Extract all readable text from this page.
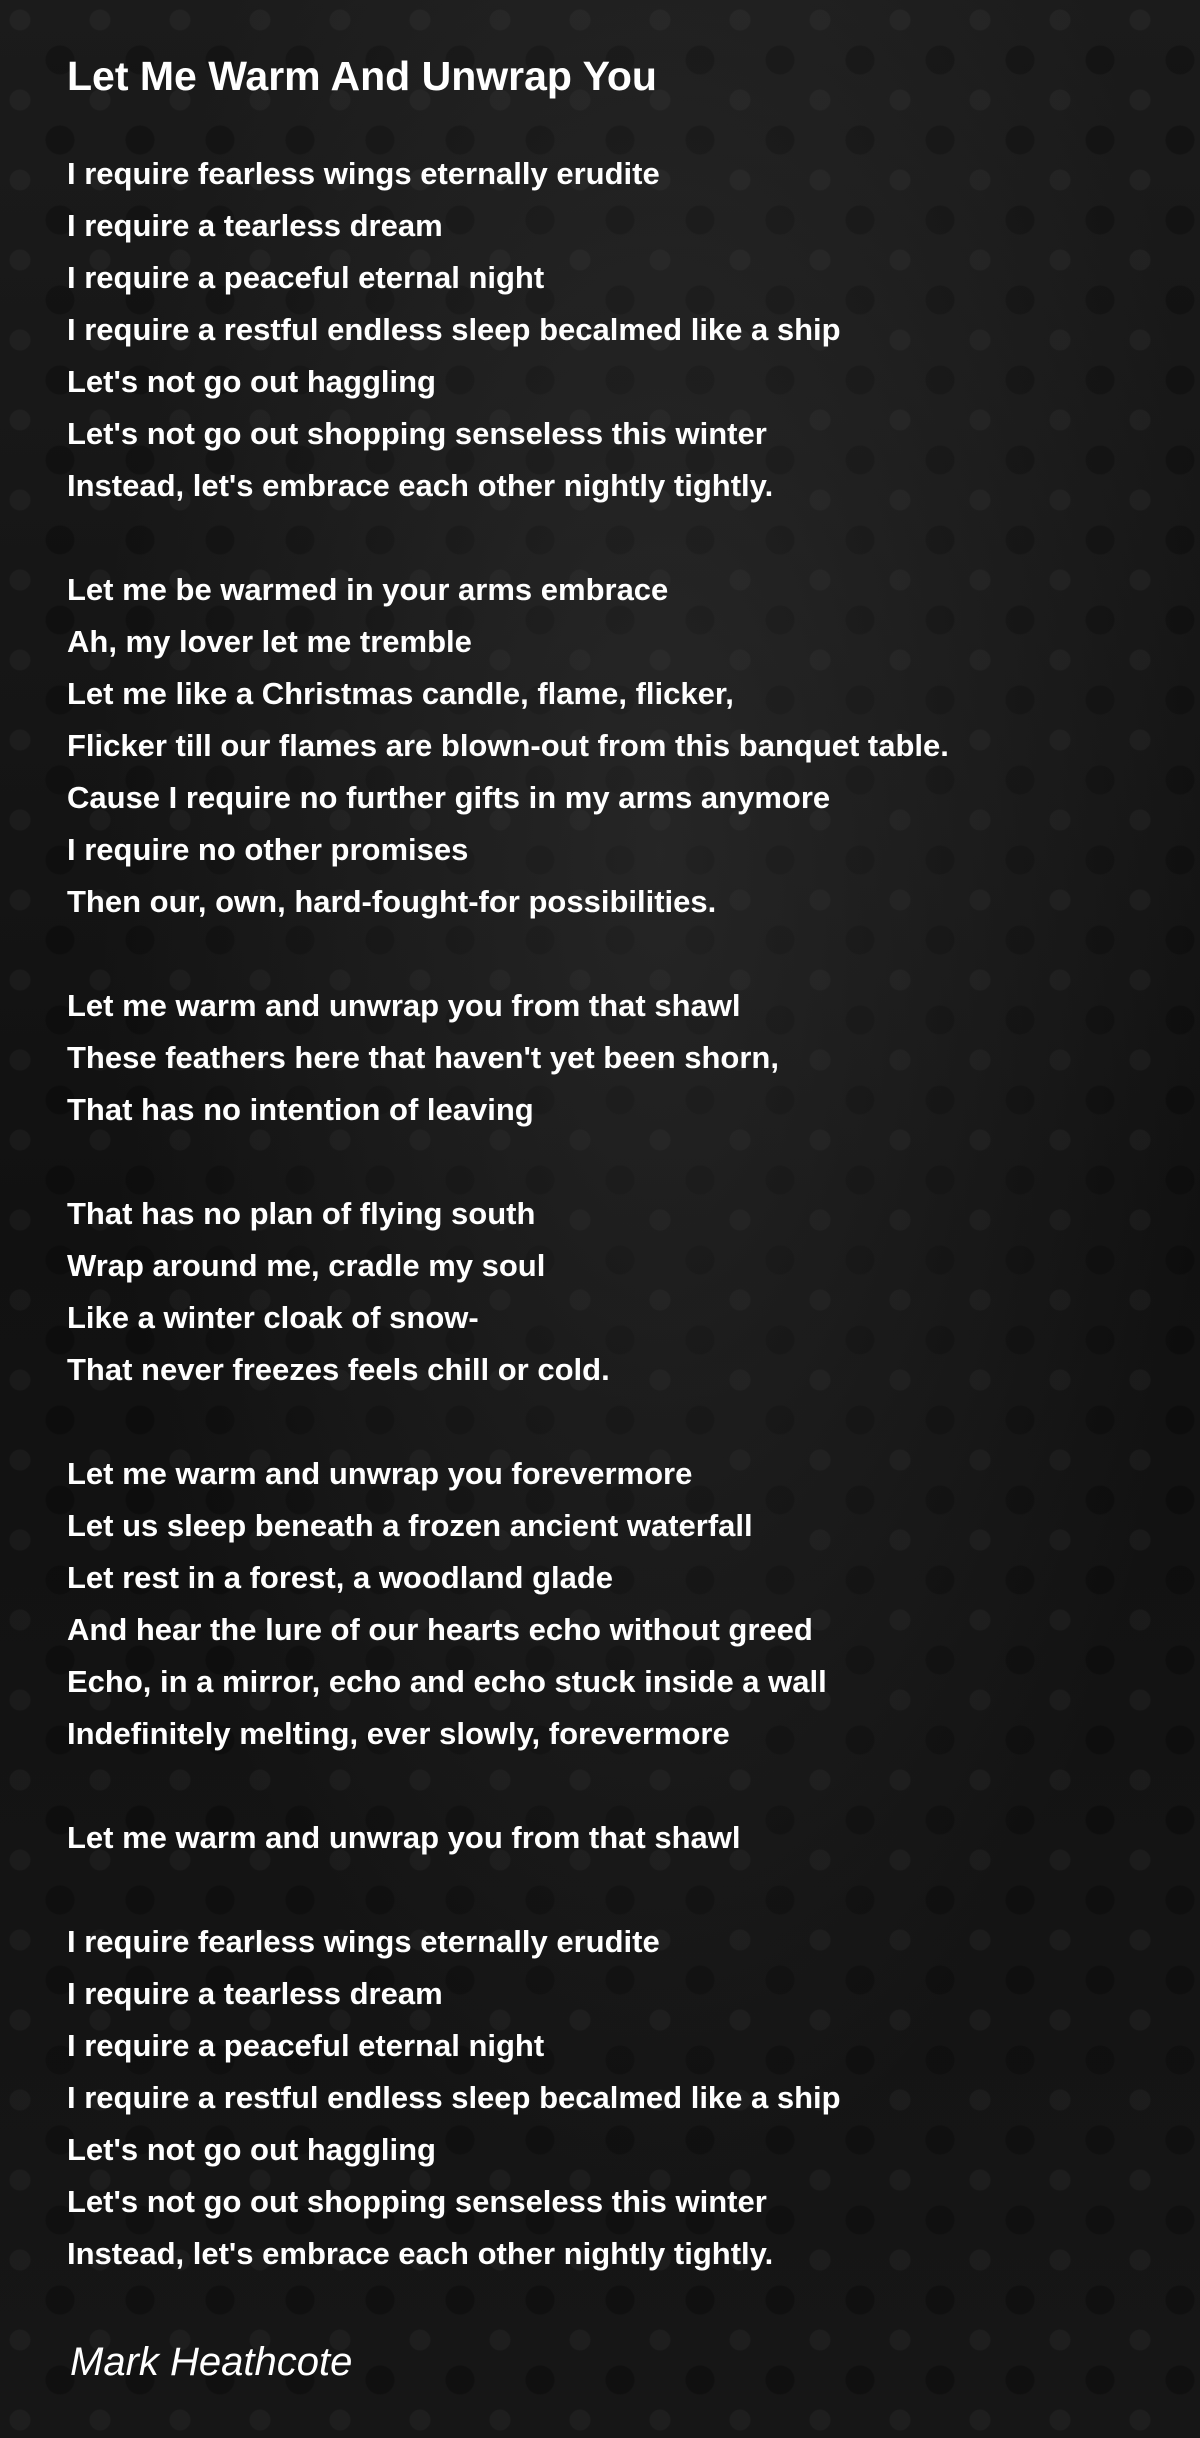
Let Me Warm And Unwrap You
I require fearless wings eternally erudite
I require a tearless dream
I require a peaceful eternal night
I require a restful endless sleep becalmed like a ship
Let's not go out haggling
Let's not go out shopping senseless this winter
Instead, let's embrace each other nightly tightly.
Let me be warmed in your arms embrace
Ah, my lover let me tremble
Let me like a Christmas candle, flame, flicker,
Flicker till our flames are blown-out from this banquet table.
Cause I require no further gifts in my arms anymore
I require no other promises
Then our, own, hard-fought-for possibilities.
Let me warm and unwrap you from that shawl
These feathers here that haven't yet been shorn,
That has no intention of leaving
That has no plan of flying south
Wrap around me, cradle my soul
Like a winter cloak of snow-
That never freezes feels chill or cold.
Let me warm and unwrap you forevermore
Let us sleep beneath a frozen ancient waterfall
Let rest in a forest, a woodland glade
And hear the lure of our hearts echo without greed
Echo, in a mirror, echo and echo stuck inside a wall
Indefinitely melting, ever slowly, forevermore
Let me warm and unwrap you from that shawl
I require fearless wings eternally erudite
I require a tearless dream
I require a peaceful eternal night
I require a restful endless sleep becalmed like a ship
Let's not go out haggling
Let's not go out shopping senseless this winter
Instead, let's embrace each other nightly tightly.

Mark Heathcote
